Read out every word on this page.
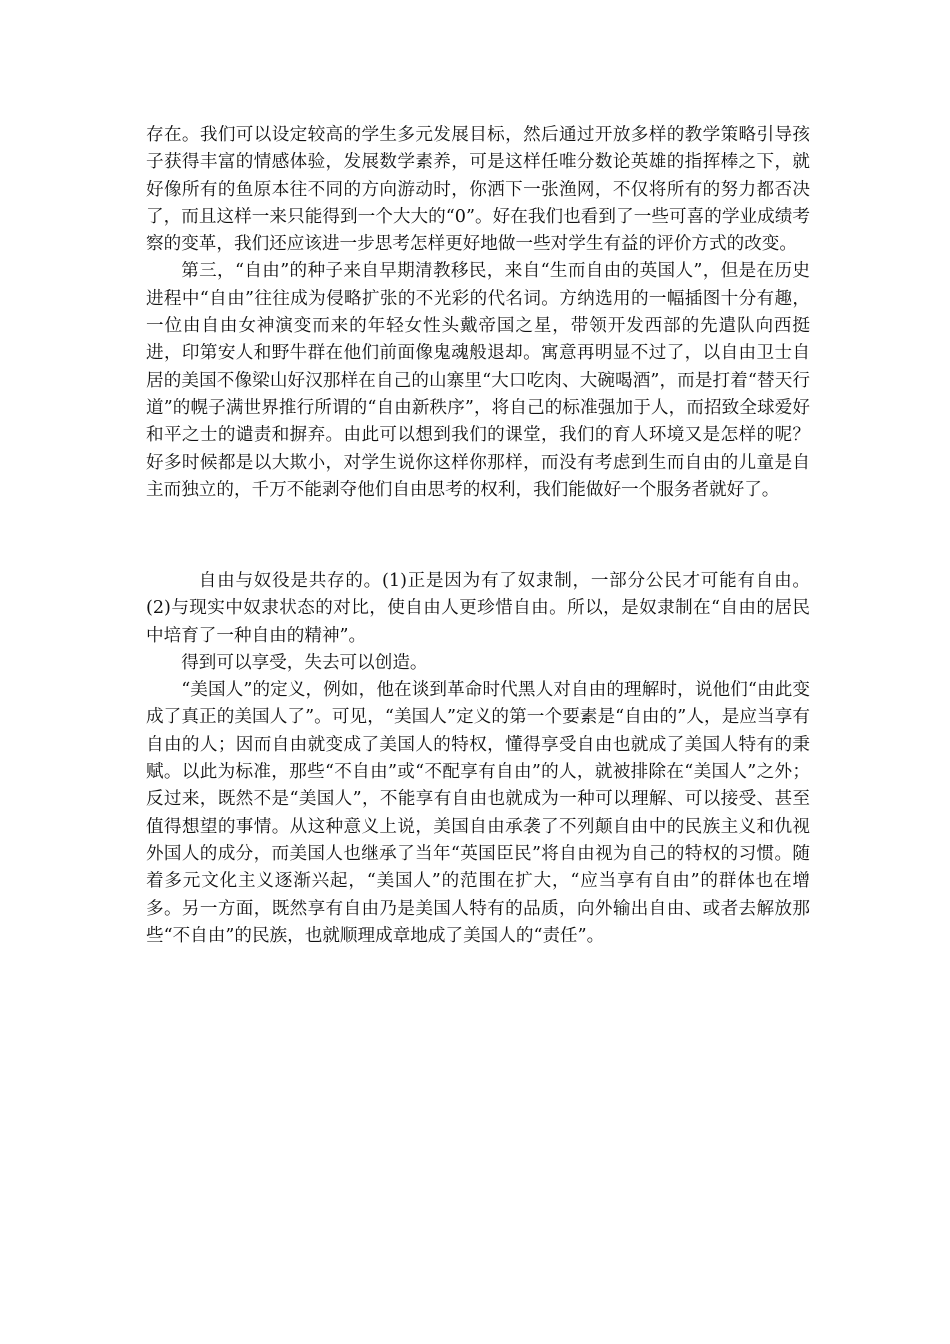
存在。我们可以设定较高的学生多元发展目标，然后通过开放多样的教学策略引导孩子获得丰富的情感体验，发展数学素养，可是这样任唯分数论英雄的指挥棒之下，就好像所有的鱼原本往不同的方向游动时，你洒下一张渔网，不仅将所有的努力都否决了，而且这样一来只能得到一个大大的“0”。好在我们也看到了一些可喜的学业成绩考察的变革，我们还应该进一步思考怎样更好地做一些对学生有益的评价方式的改变。

第三，“自由”的种子来自早期清教移民，来自“生而自由的英国人”，但是在历史进程中“自由”往往成为侵略扩张的不光彩的代名词。方纳选用的一幅插图十分有趣，一位由自由女神演变而来的年轻女性头戴帝国之星，带领开发西部的先遣队向西挺进，印第安人和野牛群在他们前面像鬼魂般退却。寓意再明显不过了，以自由卫士自居的美国不像梁山好汉那样在自己的山寨里“大口吃肉、大碗喝酒”，而是打着“替天行道”的幌子满世界推行所谓的“自由新秩序”，将自己的标准强加于人，而招致全球爱好和平之士的谴责和摒弃。由此可以想到我们的课堂，我们的育人环境又是怎样的呢？好多时候都是以大欺小，对学生说你这样你那样，而没有考虑到生而自由的儿童是自主而独立的，千万不能剥夺他们自由思考的权利，我们能做好一个服务者就好了。

自由与奴役是共存的。(1)正是因为有了奴隶制，一部分公民才可能有自由。(2)与现实中奴隶状态的对比，使自由人更珍惜自由。所以，是奴隶制在“自由的居民中培育了一种自由的精神”。

得到可以享受，失去可以创造。

“美国人”的定义，例如，他在谈到革命时代黑人对自由的理解时，说他们“由此变成了真正的美国人了”。可见，“美国人”定义的第一个要素是“自由的”人，是应当享有自由的人；因而自由就变成了美国人的特权，懂得享受自由也就成了美国人特有的秉赋。以此为标准，那些“不自由”或“不配享有自由”的人，就被排除在“美国人”之外；反过来，既然不是“美国人”，不能享有自由也就成为一种可以理解、可以接受、甚至值得想望的事情。从这种意义上说，美国自由承袭了不列颠自由中的民族主义和仇视外国人的成分，而美国人也继承了当年“英国臣民”将自由视为自己的特权的习惯。随着多元文化主义逐渐兴起，“美国人”的范围在扩大，“应当享有自由”的群体也在增多。另一方面，既然享有自由乃是美国人特有的品质，向外输出自由、或者去解放那些“不自由”的民族，也就顺理成章地成了美国人的“责任”。
